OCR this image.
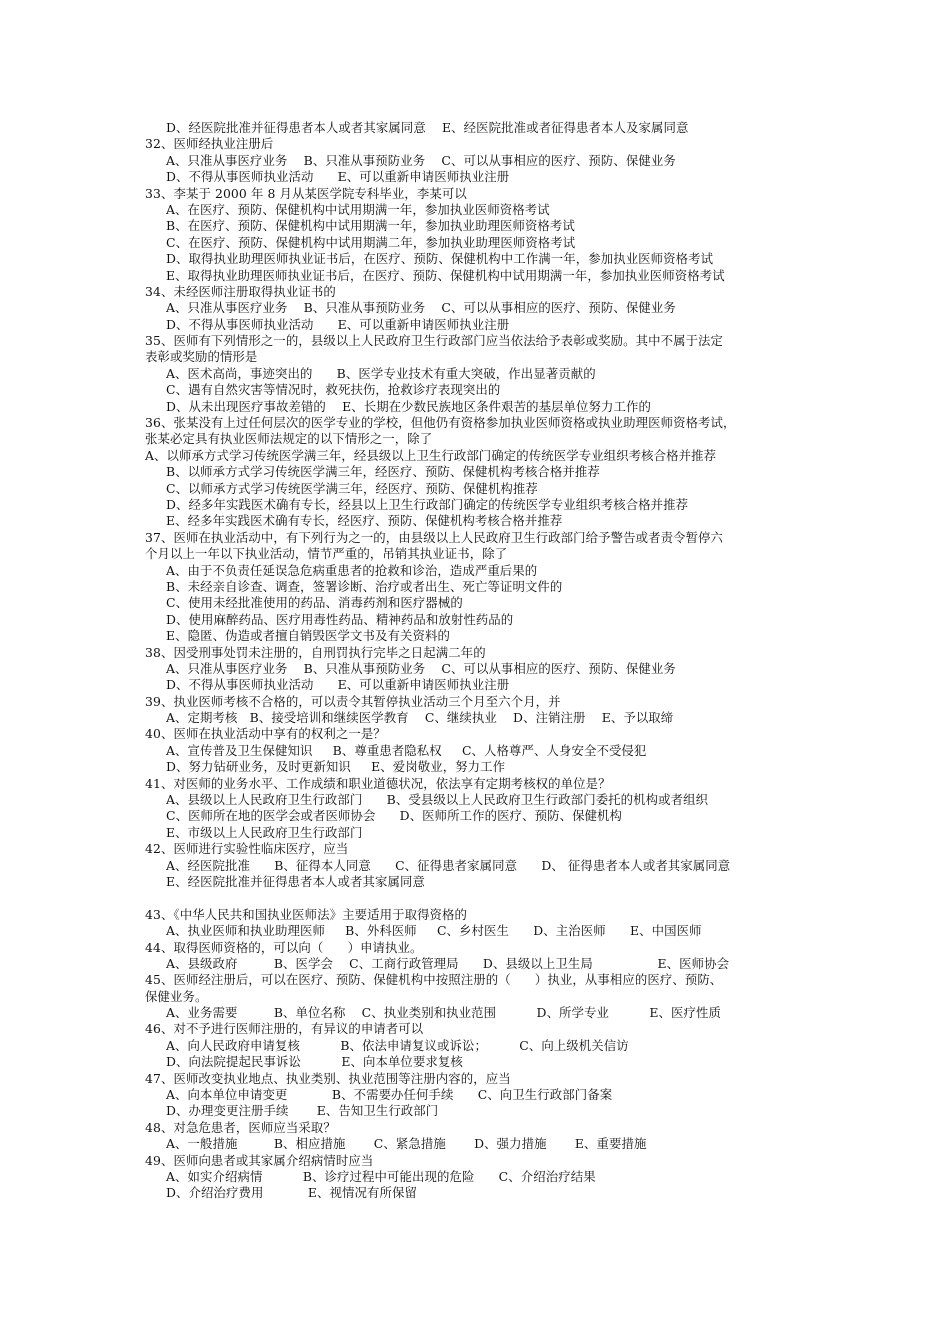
D、经医院批准并征得患者本人或者其家属同意    E、经医院批准或者征得患者本人及家属同意
32、医师经执业注册后
A、只准从事医疗业务    B、只准从事预防业务    C、可以从事相应的医疗、预防、保健业务
D、不得从事医师执业活动      E、可以重新申请医师执业注册
33、李某于 2000 年 8 月从某医学院专科毕业，李某可以
A、在医疗、预防、保健机构中试用期满一年，参加执业医师资格考试
B、在医疗、预防、保健机构中试用期满一年，参加执业助理医师资格考试
C、在医疗、预防、保健机构中试用期满二年，参加执业助理医师资格考试
D、取得执业助理医师执业证书后，在医疗、预防、保健机构中工作满一年，参加执业医师资格考试
E、取得执业助理医师执业证书后，在医疗、预防、保健机构中试用期满一年，参加执业医师资格考试
34、未经医师注册取得执业证书的
A、只准从事医疗业务    B、只准从事预防业务    C、可以从事相应的医疗、预防、保健业务
D、不得从事医师执业活动      E、可以重新申请医师执业注册
35、医师有下列情形之一的，县级以上人民政府卫生行政部门应当依法给予表彰或奖励。其中不属于法定
表彰或奖励的情形是
A、医术高尚，事迹突出的      B、医学专业技术有重大突破，作出显著贡献的
C、遇有自然灾害等情况时，救死扶伤，抢救诊疗表现突出的
D、从未出现医疗事故差错的    E、长期在少数民族地区条件艰苦的基层单位努力工作的
36、张某没有上过任何层次的医学专业的学校，但他仍有资格参加执业医师资格或执业助理医师资格考试，
张某必定具有执业医师法规定的以下情形之一，除了
A、以师承方式学习传统医学满三年，经县级以上卫生行政部门确定的传统医学专业组织考核合格并推荐
B、以师承方式学习传统医学满三年，经医疗、预防、保健机构考核合格并推荐
C、以师承方式学习传统医学满三年，经医疗、预防、保健机构推荐
D、经多年实践医术确有专长，经县以上卫生行政部门确定的传统医学专业组织考核合格并推荐
E、经多年实践医术确有专长，经医疗、预防、保健机构考核合格并推荐
37、医师在执业活动中，有下列行为之一的，由县级以上人民政府卫生行政部门给予警告或者责令暂停六
个月以上一年以下执业活动，情节严重的，吊销其执业证书，除了
A、由于不负责任延误急危病重患者的抢救和诊治，造成严重后果的
B、未经亲自诊查、调查，签署诊断、治疗或者出生、死亡等证明文件的
C、使用未经批准使用的药品、消毒药剂和医疗器械的
D、使用麻醉药品、医疗用毒性药品、精神药品和放射性药品的
E、隐匿、伪造或者擅自销毁医学文书及有关资料的
38、因受刑事处罚未注册的，自刑罚执行完毕之日起满二年的
A、只准从事医疗业务    B、只准从事预防业务    C、可以从事相应的医疗、预防、保健业务
D、不得从事医师执业活动      E、可以重新申请医师执业注册
39、执业医师考核不合格的，可以责令其暂停执业活动三个月至六个月，并
A、定期考核   B、接受培训和继续医学教育    C、继续执业    D、注销注册    E、予以取缔
40、医师在执业活动中享有的权利之一是？
A、宣传普及卫生保健知识     B、尊重患者隐私权     C、人格尊严、人身安全不受侵犯
D、努力钻研业务，及时更新知识     E、爱岗敬业，努力工作
41、对医师的业务水平、工作成绩和职业道德状况，依法享有定期考核权的单位是？
A、县级以上人民政府卫生行政部门      B、受县级以上人民政府卫生行政部门委托的机构或者组织
C、医师所在地的医学会或者医师协会      D、医师所工作的医疗、预防、保健机构
E、市级以上人民政府卫生行政部门
42、医师进行实验性临床医疗，应当
A、经医院批准      B、征得本人同意      C、征得患者家属同意      D、 征得患者本人或者其家属同意
E、经医院批准并征得患者本人或者其家属同意
43、《中华人民共和国执业医师法》主要适用于取得资格的
A、执业医师和执业助理医师     B、外科医师     C、乡村医生      D、主治医师      E、中国医师
44、取得医师资格的，可以向（      ）申请执业。
A、县级政府         B、医学会    C、工商行政管理局      D、县级以上卫生局                E、医师协会
45、医师经注册后，可以在医疗、预防、保健机构中按照注册的（      ）执业，从事相应的医疗、预防、
保健业务。
A、业务需要         B、单位名称    C、执业类别和执业范围          D、所学专业          E、医疗性质
46、对不予进行医师注册的，有异议的申请者可以
A、向人民政府申请复核          B、依法申请复议或诉讼；        C、向上级机关信访
D、向法院提起民事诉讼          E、向本单位要求复核
47、医师改变执业地点、执业类别、执业范围等注册内容的，应当
A、向本单位申请变更           B、不需要办任何手续      C、向卫生行政部门备案
D、办理变更注册手续       E、告知卫生行政部门
48、对急危患者，医师应当采取？
A、一般措施         B、相应措施       C、紧急措施       D、强力措施       E、重要措施
49、医师向患者或其家属介绍病情时应当
A、如实介绍病情          B、诊疗过程中可能出现的危险      C、介绍治疗结果
D、介绍治疗费用           E、视情况有所保留
